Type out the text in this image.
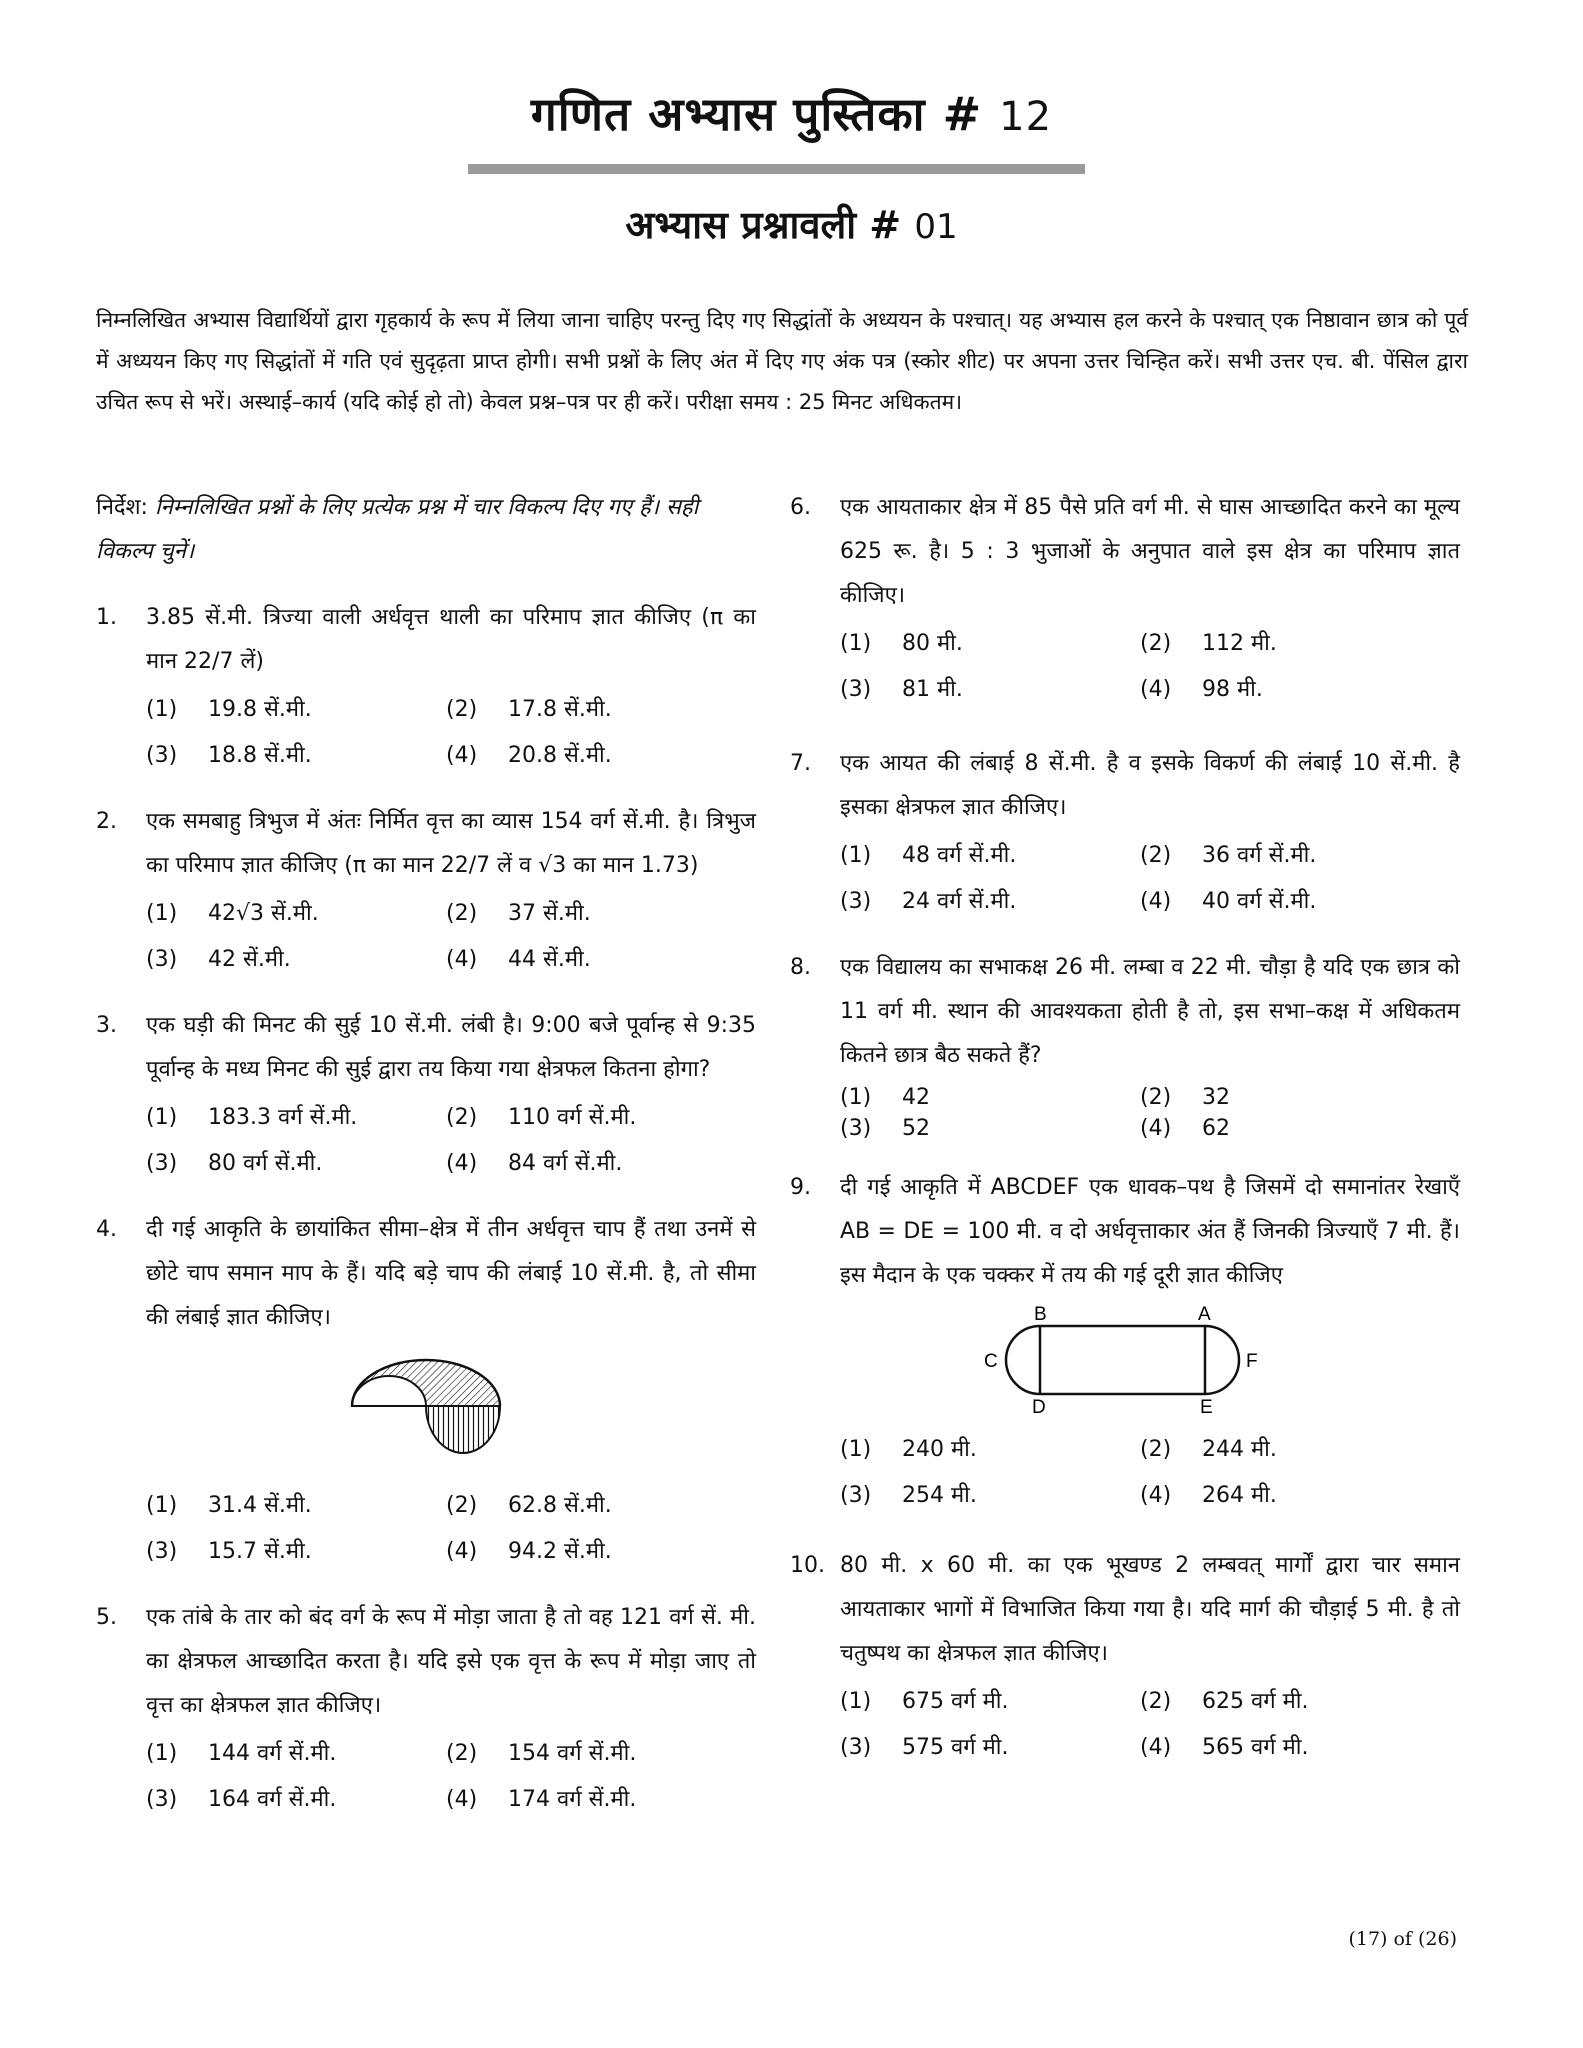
गणित अभ्यास पुस्तिका # 12
अभ्यास प्रश्नावली # 01
निम्नलिखित अभ्यास विद्यार्थियों द्वारा गृहकार्य के रूप में लिया जाना चाहिए परन्तु दिए गए सिद्धांतों के अध्ययन के पश्चात्। यह अभ्यास हल करने के पश्चात् एक निष्ठावान छात्र को पूर्व में अध्ययन किए गए सिद्धांतों में गति एवं सुदृढ़ता प्राप्त होगी। सभी प्रश्नों के लिए अंत में दिए गए अंक पत्र (स्कोर शीट) पर अपना उत्तर चिन्हित करें। सभी उत्तर एच. बी. पेंसिल द्वारा उचित रूप से भरें। अस्थाई–कार्य (यदि कोई हो तो) केवल प्रश्न–पत्र पर ही करें। परीक्षा समय : 25 मिनट अधिकतम।
निर्देश: निम्नलिखित प्रश्नों के लिए प्रत्येक प्रश्न में चार विकल्प दिए गए हैं। सही विकल्प चुनें।
1. 3.85 सें.मी. त्रिज्या वाली अर्धवृत्त थाली का परिमाप ज्ञात कीजिए (π का मान 22/7 लें)
(1)	19.8 सें.मी.	(2)	17.8 सें.मी.
(3)	18.8 सें.मी.	(4)	20.8 सें.मी.
2. एक समबाहु त्रिभुज में अंतः निर्मित वृत्त का व्यास 154 वर्ग सें.मी. है। त्रिभुज का परिमाप ज्ञात कीजिए (π का मान 22/7 लें व √3 का मान 1.73)
(1)	42√3 सें.मी.	(2)	37 सें.मी.
(3)	42 सें.मी.	(4)	44 सें.मी.
3. एक घड़ी की मिनट की सुई 10 सें.मी. लंबी है। 9:00 बजे पूर्वान्ह से 9:35 पूर्वान्ह के मध्य मिनट की सुई द्वारा तय किया गया क्षेत्रफल कितना होगा?
(1)	183.3 वर्ग सें.मी.	(2)	110 वर्ग सें.मी.
(3)	80 वर्ग सें.मी.	(4)	84 वर्ग सें.मी.
4. दी गई आकृति के छायांकित सीमा–क्षेत्र में तीन अर्धवृत्त चाप हैं तथा उनमें से छोटे चाप समान माप के हैं। यदि बड़े चाप की लंबाई 10 सें.मी. है, तो सीमा की लंबाई ज्ञात कीजिए।
(1)	31.4 सें.मी.	(2)	62.8 सें.मी.
(3)	15.7 सें.मी.	(4)	94.2 सें.मी.
5. एक तांबे के तार को बंद वर्ग के रूप में मोड़ा जाता है तो वह 121 वर्ग सें. मी. का क्षेत्रफल आच्छादित करता है। यदि इसे एक वृत्त के रूप में मोड़ा जाए तो वृत्त का क्षेत्रफल ज्ञात कीजिए।
(1)	144 वर्ग सें.मी.	(2)	154 वर्ग सें.मी.
(3)	164 वर्ग सें.मी.	(4)	174 वर्ग सें.मी.
6. एक आयताकार क्षेत्र में 85 पैसे प्रति वर्ग मी. से घास आच्छादित करने का मूल्य 625 रू. है। 5 : 3 भुजाओं के अनुपात वाले इस क्षेत्र का परिमाप ज्ञात कीजिए।
(1)	80 मी.	(2)	112 मी.
(3)	81 मी.	(4)	98 मी.
7. एक आयत की लंबाई 8 सें.मी. है व इसके विकर्ण की लंबाई 10 सें.मी. है इसका क्षेत्रफल ज्ञात कीजिए।
(1)	48 वर्ग सें.मी.	(2)	36 वर्ग सें.मी.
(3)	24 वर्ग सें.मी.	(4)	40 वर्ग सें.मी.
8. एक विद्यालय का सभाकक्ष 26 मी. लम्बा व 22 मी. चौड़ा है यदि एक छात्र को 11 वर्ग मी. स्थान की आवश्यकता होती है तो, इस सभा–कक्ष में अधिकतम कितने छात्र बैठ सकते हैं?
(1)	42	(2)	32
(3)	52	(4)	62
9. दी गई आकृति में ABCDEF एक धावक–पथ है जिसमें दो समानांतर रेखाएँ AB = DE = 100 मी. व दो अर्धवृत्ताकार अंत हैं जिनकी त्रिज्याएँ 7 मी. हैं। इस मैदान के एक चक्कर में तय की गई दूरी ज्ञात कीजिए
B	A
C	F
D	E
(1)	240 मी.	(2)	244 मी.
(3)	254 मी.	(4)	264 मी.
10. 80 मी. x 60 मी. का एक भूखण्ड 2 लम्बवत् मार्गों द्वारा चार समान आयताकार भागों में विभाजित किया गया है। यदि मार्ग की चौड़ाई 5 मी. है तो चतुष्पथ का क्षेत्रफल ज्ञात कीजिए।
(1)	675 वर्ग मी.	(2)	625 वर्ग मी.
(3)	575 वर्ग मी.	(4)	565 वर्ग मी.
(17) of (26)
